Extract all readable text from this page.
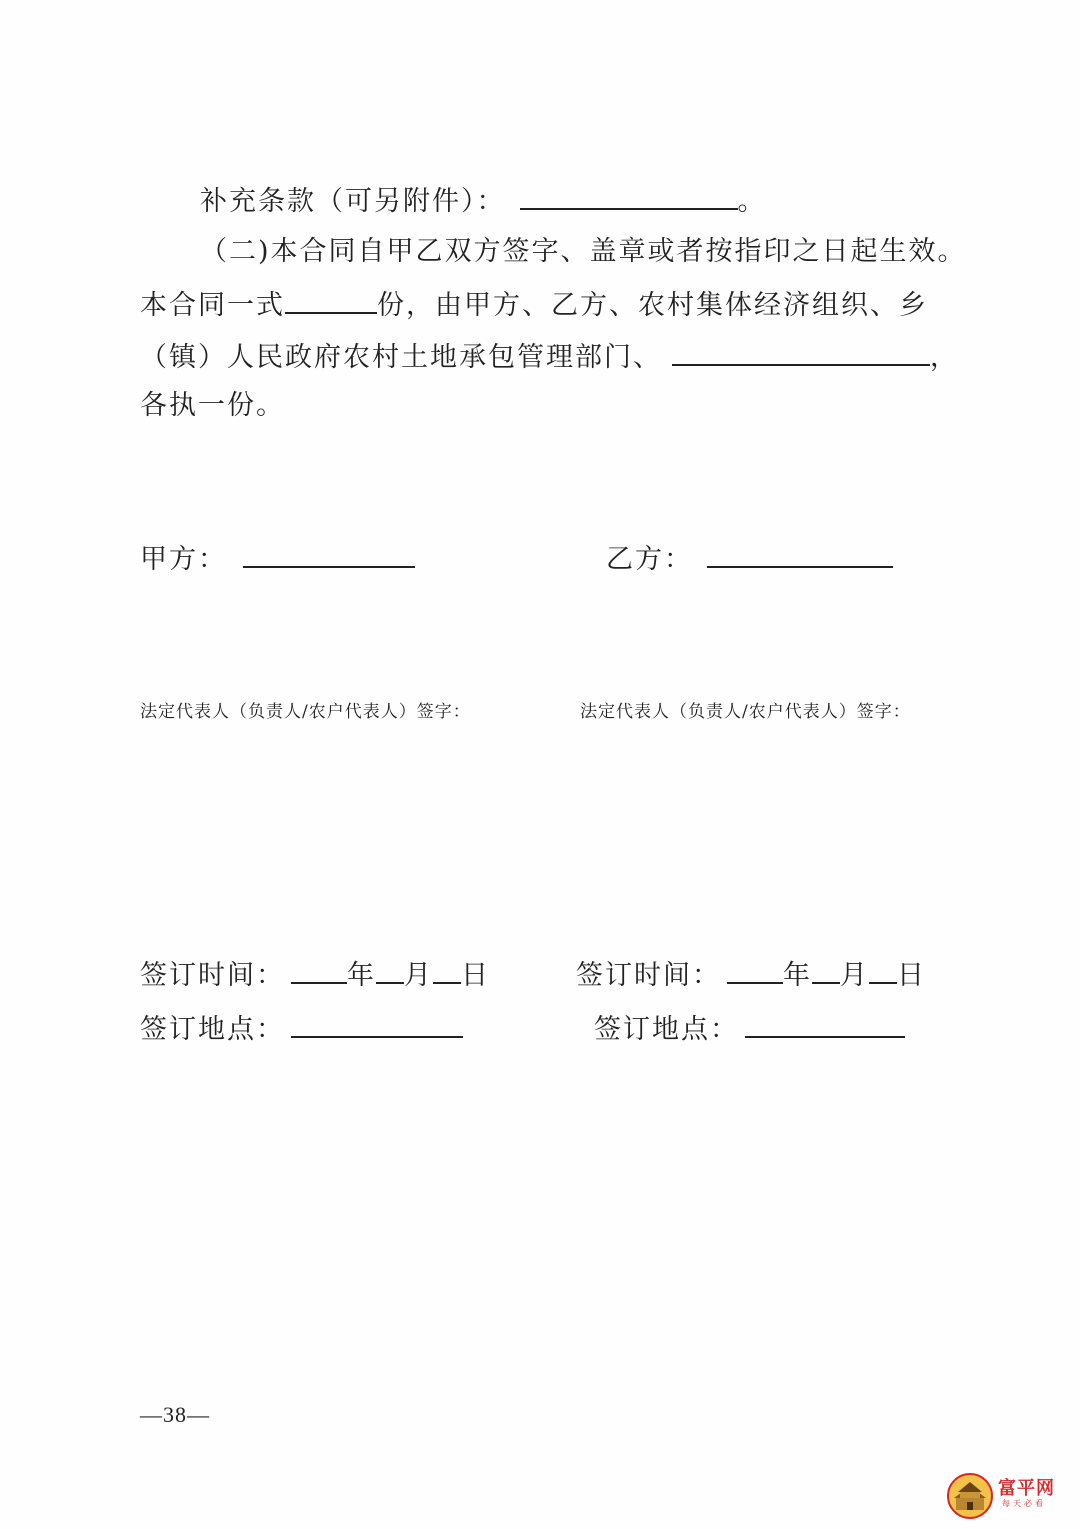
补充条款（可另附件）：	。
（二)本合同自甲乙双方签字、盖章或者按指印之日起生效。
本合同一式	份，由甲方、乙方、农村集体经济组织、乡
（镇）人民政府农村土地承包管理部门、	，
各执一份。
甲方：	乙方：
法定代表人（负责人/农户代表人）签字：	法定代表人（负责人/农户代表人）签字：
签订时间： 年 月 日	签订时间： 年 月 日
签订地点：	签订地点：
—38—
富平网
每天必看
